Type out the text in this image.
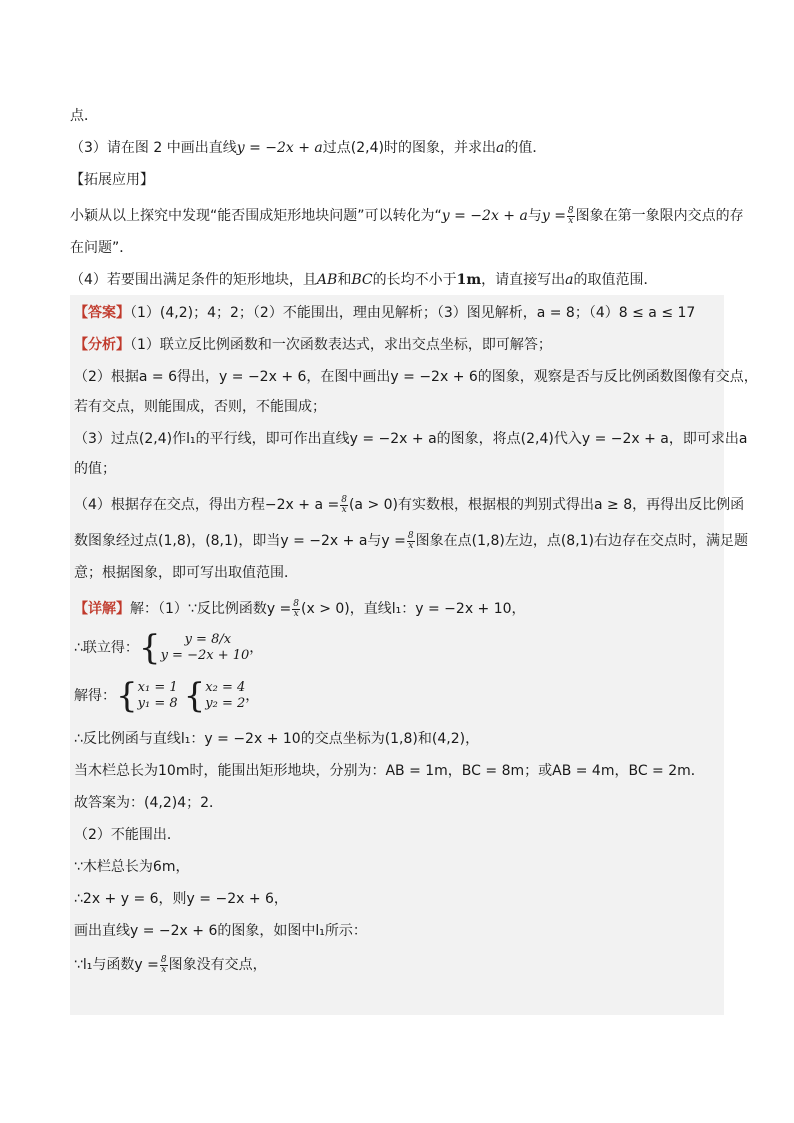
点．
（3）请在图 2 中画出直线y = −2x + a过点(2,4)时的图象，并求出a的值．
【拓展应用】
小颖从以上探究中发现“能否围成矩形地块问题”可以转化为“y = −2x + a与$y = \frac{8}{x}$ 图象在第一象限内交点的存
在问题”．
（4）若要围出满足条件的矩形地块，且AB和BC的长均不小于1m，请直接写出a的取值范围．
【答案】（1）(4,2)；4；2；（2）不能围出，理由见解析；（3）图见解析，a = 8；（4）8 ≤ a ≤ 17
【分析】（1）联立反比例函数和一次函数表达式，求出交点坐标，即可解答；
（2）根据a = 6得出，y = −2x + 6，在图中画出y = −2x + 6的图象，观察是否与反比例函数图像有交点，
若有交点，则能围成，否则，不能围成；
（3）过点(2,4)作l₁的平行线，即可作出直线y = −2x + a的图象，将点(2,4)代入y = −2x + a，即可求出a
的值；
（4）根据存在交点，得出方程$-2x + a = \frac{8}{x} (a > 0)$有实数根，根据根的判别式得出a ≥ 8，再得出反比例函
数图象经过点(1,8)，(8,1)，即当y = −2x + a与$y = \frac{8}{x}$ 图象在点(1,8)左边，点(8,1)右边存在交点时，满足题
意；根据图象，即可写出取值范围．
【详解】解：（1）∵反比例函数$y = \frac{8}{x} (x > 0)$，直线l₁：y = −2x + 10，
∴联立得：{	y = 8/x
y = −2x + 10 ，
解得：{ x₁ = 1
y₁ = 8 { x₂ = 4
y₂ = 2 ，
∴反比例函与直线l₁：y = −2x + 10的交点坐标为(1,8)和(4,2)，
当木栏总长为10m时，能围出矩形地块，分别为：AB = 1m，BC = 8m；或AB = 4m，BC = 2m．
故答案为：(4,2)4；2．
（2）不能围出．
∵木栏总长为6m，
∴2x + y = 6，则y = −2x + 6，
画出直线y = −2x + 6的图象，如图中l₁所示：
∵l₁与函数$y = \frac{8}{x}$ 图象没有交点，
